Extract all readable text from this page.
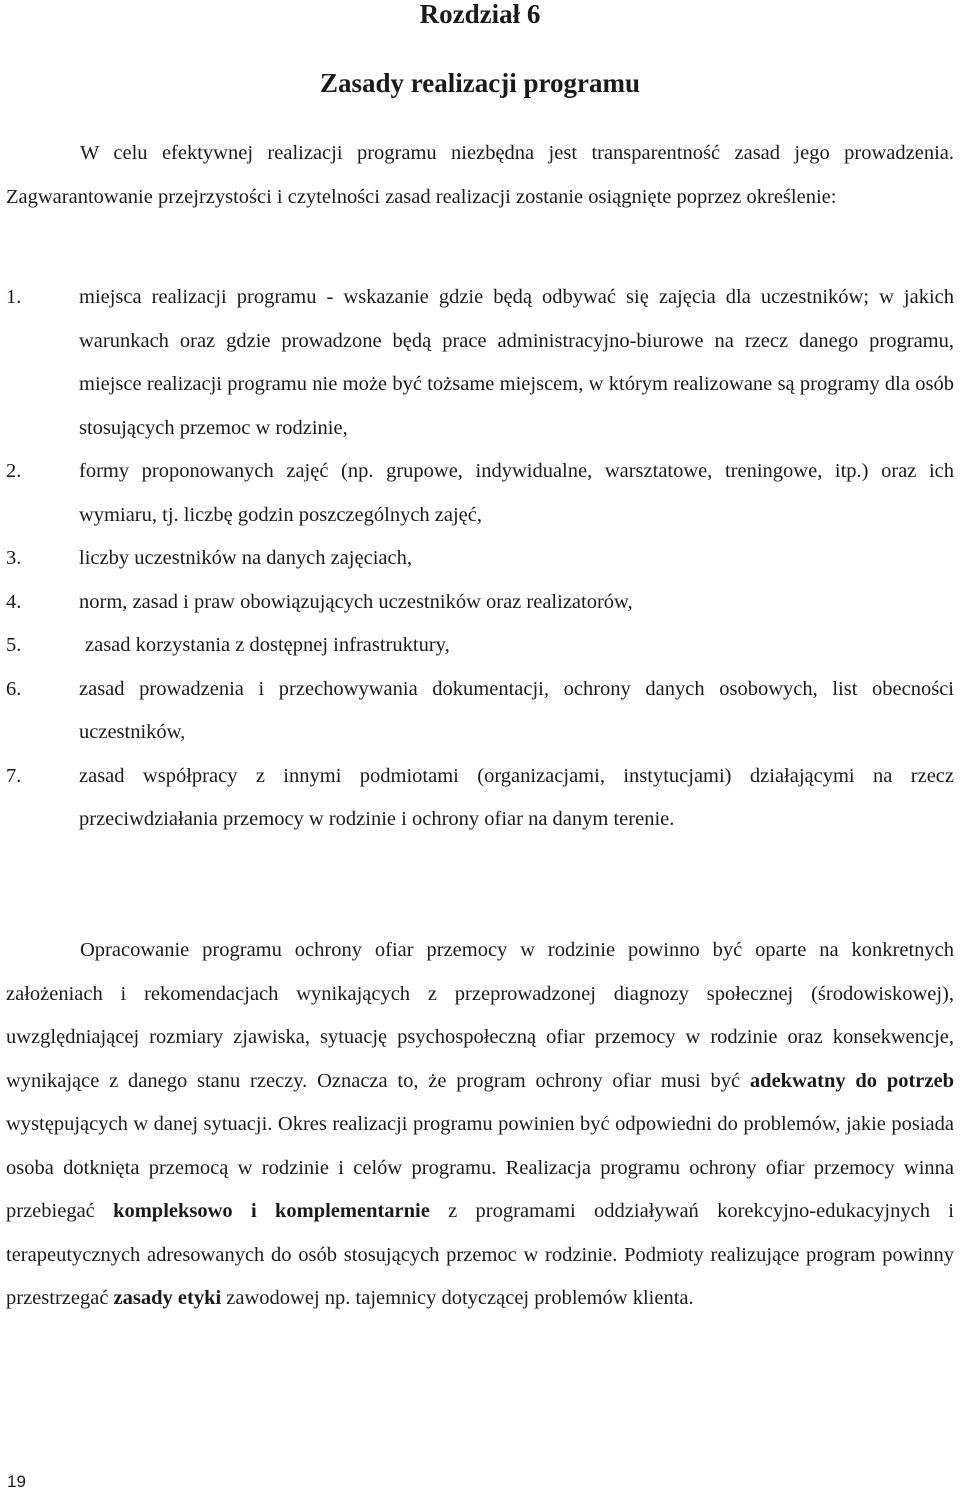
Rozdział 6
Zasady realizacji programu

W celu efektywnej realizacji programu niezbędna jest transparentność zasad jego prowadzenia. Zagwarantowanie przejrzystości i czytelności zasad realizacji zostanie osiągnięte poprzez określenie:

1.	miejsca realizacji programu - wskazanie gdzie będą odbywać się zajęcia dla uczestników; w jakich warunkach oraz gdzie prowadzone będą prace administracyjno-biurowe na rzecz danego programu, miejsce realizacji programu nie może być tożsame miejscem, w którym realizowane są programy dla osób stosujących przemoc w rodzinie,
2.	formy proponowanych zajęć (np. grupowe, indywidualne, warsztatowe, treningowe, itp.) oraz ich wymiaru, tj. liczbę godzin poszczególnych zajęć,
3.	liczby uczestników na danych zajęciach,
4.	norm, zasad i praw obowiązujących uczestników oraz realizatorów,
5.	zasad korzystania z dostępnej infrastruktury,
6.	zasad prowadzenia i przechowywania dokumentacji, ochrony danych osobowych, list obecności uczestników,
7.	zasad współpracy z innymi podmiotami (organizacjami, instytucjami) działającymi na rzecz przeciwdziałania przemocy w rodzinie i ochrony ofiar na danym terenie.

Opracowanie programu ochrony ofiar przemocy w rodzinie powinno być oparte na konkretnych założeniach i rekomendacjach wynikających z przeprowadzonej diagnozy społecznej (środowiskowej), uwzględniającej rozmiary zjawiska, sytuację psychospołeczną ofiar przemocy w rodzinie oraz konsekwencje, wynikające z danego stanu rzeczy. Oznacza to, że program ochrony ofiar musi być adekwatny do potrzeb występujących w danej sytuacji. Okres realizacji programu powinien być odpowiedni do problemów, jakie posiada osoba dotknięta przemocą w rodzinie i celów programu. Realizacja programu ochrony ofiar przemocy winna przebiegać kompleksowo i komplementarnie z programami oddziaływań korekcyjno-edukacyjnych i terapeutycznych adresowanych do osób stosujących przemoc w rodzinie. Podmioty realizujące program powinny przestrzegać zasady etyki zawodowej np. tajemnicy dotyczącej problemów klienta.

19
